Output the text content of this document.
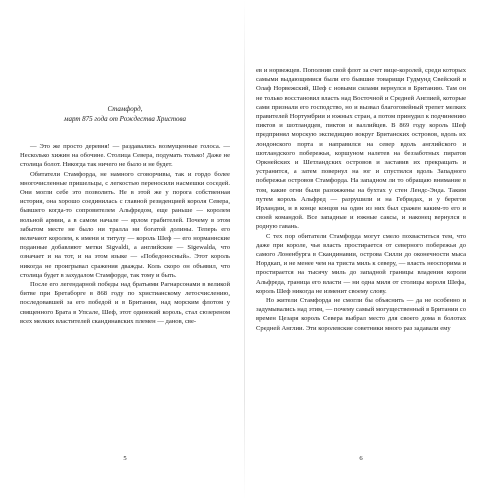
Стамфорд,
март 875 года от Рождества Христова

— Это же просто деревня! — раздавались возмущенные голоса. — Несколько хижин на обочине. Столица Севера, подумать только! Даже не столица болот. Никогда так ничего не было и не будет.

Обитатели Стамфорда, не намного сговорчивы, так и гордо более многочисленные пришельцы, с легкостью переносили насмешки соседей. Они могли себе это позволить. Не в этой же у порога собственная история, она хорошо соединилась с главной резиденцией короля Севера, бывшего когда-то сопровителем Альфредом, еще раньше — королем вольной армии, а в самом начале — ярлом грабителей. Почему в этом забытом месте не было ни тралла ни богатой долины. Теперь его величают королем, к имени и титулу — король Шеф — его норманнские поданные добавляют метки Sigvaldi, а английские — Sigewalda, что означает и на тот, и на этом языке — «Победоносный». Этот король никогда не проигрывал сражения дважды. Коль скоро он объявил, что столица будет в захудалом Стамфорде, так тому и быть.

После его легендарной победы над братьями Рагнарсонами в великой битве при Бретаборге в 868 году по христианскому летосчислению, последовавшей за его победой и в Британии, над морским флотом у священного Брата в Упсале, Шеф, этот одинокий король, стал сюзереном всех мелких властителей скандинавских племен — данов, све-

5

ев и норвежцев. Пополнив свой флот за счет вице-королей, среди которых самыми выдающимися были его бывшие товарищи Гудмунд Свейский и Олаф Норвежский, Шеф с новыми силами вернулся в Британию. Там он не только восстановил власть над Восточной и Средней Англией, которые сами признали его господство, но и вызвал благоговейный трепет мелких правителей Нортумбрии и южных стран, а потом принудил к подчинению пиктов и шотландцев, пиктов и валлийцев. В 869 году король Шеф предпринял морскую экспедицию вокруг Британских островов, вдоль их лондонского порта и направился на север вдоль английского и шотландского побережья, коршуном налетев на беззаботных пиратов Оркнейских и Шетландских островов и заставив их прекращать и устранится, а затем повернул на юг и спустился вдоль Западного побережья островов Стамфорда. На западном ли то обращаю внимание в том, какие огни были разожжены на бухтах у стен Лендс-Энда. Таким путем король Альфред — разрушили и на Гебридах, и у берегов Ирландии, и в конце концов на один из них был сражен каким-то его и своей командой. Все западные и южные саксы, и наконец вернулся в родную гавань.

С тех пор обитатели Стамфорда могут смело похваститься тем, что даже при короле, чья власть простирается от северного побережья до самого Лоненбурга в Скандинавии, острова Силли до оконечности мыса Нордкап, и не менее чем на триста миль к северу, — власть неоспорима и простирается на тысячу миль до западной границы владения короля Альфреда, граница его власти — ни одна миля от столицы короля Шефа, король Шеф никогда не изменит своему слову.

Но жители Стамфорда не смогли бы объяснить — да не особенно и задумывались над этим, — почему самый могущественный в Британии со времен Цезаря король Севера выбрал место для своего дома в болотах Средней Англии. Эти королевские советники много раз задавали ему

6
